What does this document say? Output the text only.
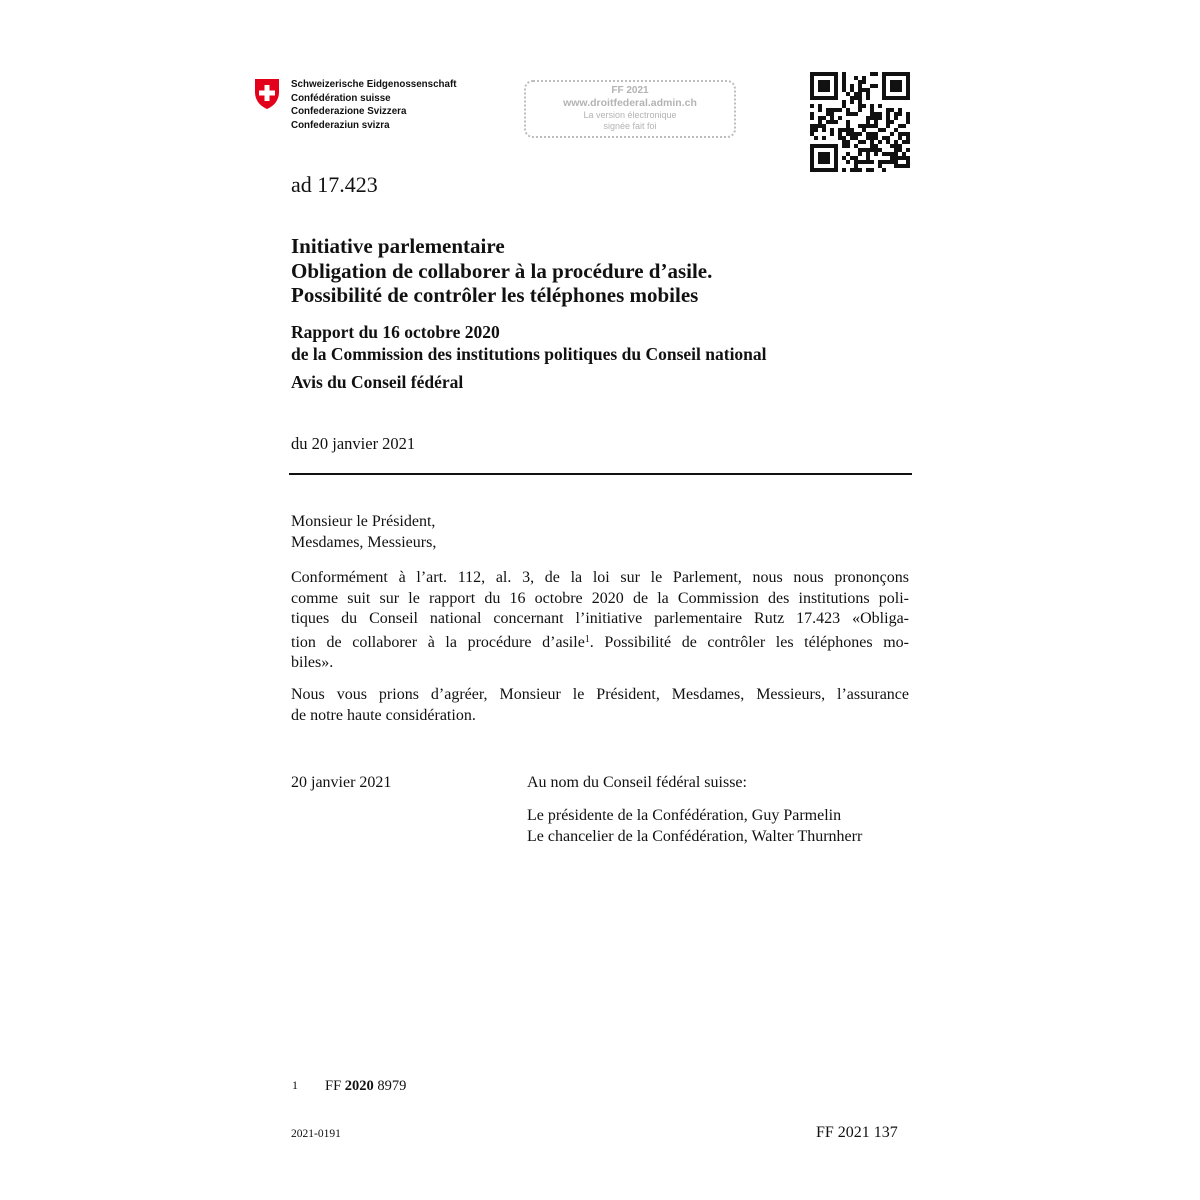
Schweizerische Eidgenossenschaft
Confédération suisse
Confederazione Svizzera
Confederaziun svizra
FF 2021
www.droitfederal.admin.ch
La version électronique
signée fait foi
ad 17.423
Initiative parlementaire
Obligation de collaborer à la procédure d’asile.
Possibilité de contrôler les téléphones mobiles
Rapport du 16 octobre 2020
de la Commission des institutions politiques du Conseil national
Avis du Conseil fédéral
du 20 janvier 2021
Monsieur le Président,
Mesdames, Messieurs,
Conformément à l’art. 112, al. 3, de la loi sur le Parlement, nous nous prononçons
comme suit sur le rapport du 16 octobre 2020 de la Commission des institutions poli-
tiques du Conseil national concernant l’initiative parlementaire Rutz 17.423 «Obliga-
tion de collaborer à la procédure d’asile$^1$. Possibilité de contrôler les téléphones mo-
biles».
Nous vous prions d’agréer, Monsieur le Président, Mesdames, Messieurs, l’assurance
de notre haute considération.
20 janvier 2021	Au nom du Conseil fédéral suisse:
Le présidente de la Confédération, Guy Parmelin
Le chancelier de la Confédération, Walter Thurnherr
1 FF 2020 8979
2021-0191	FF 2021 137
